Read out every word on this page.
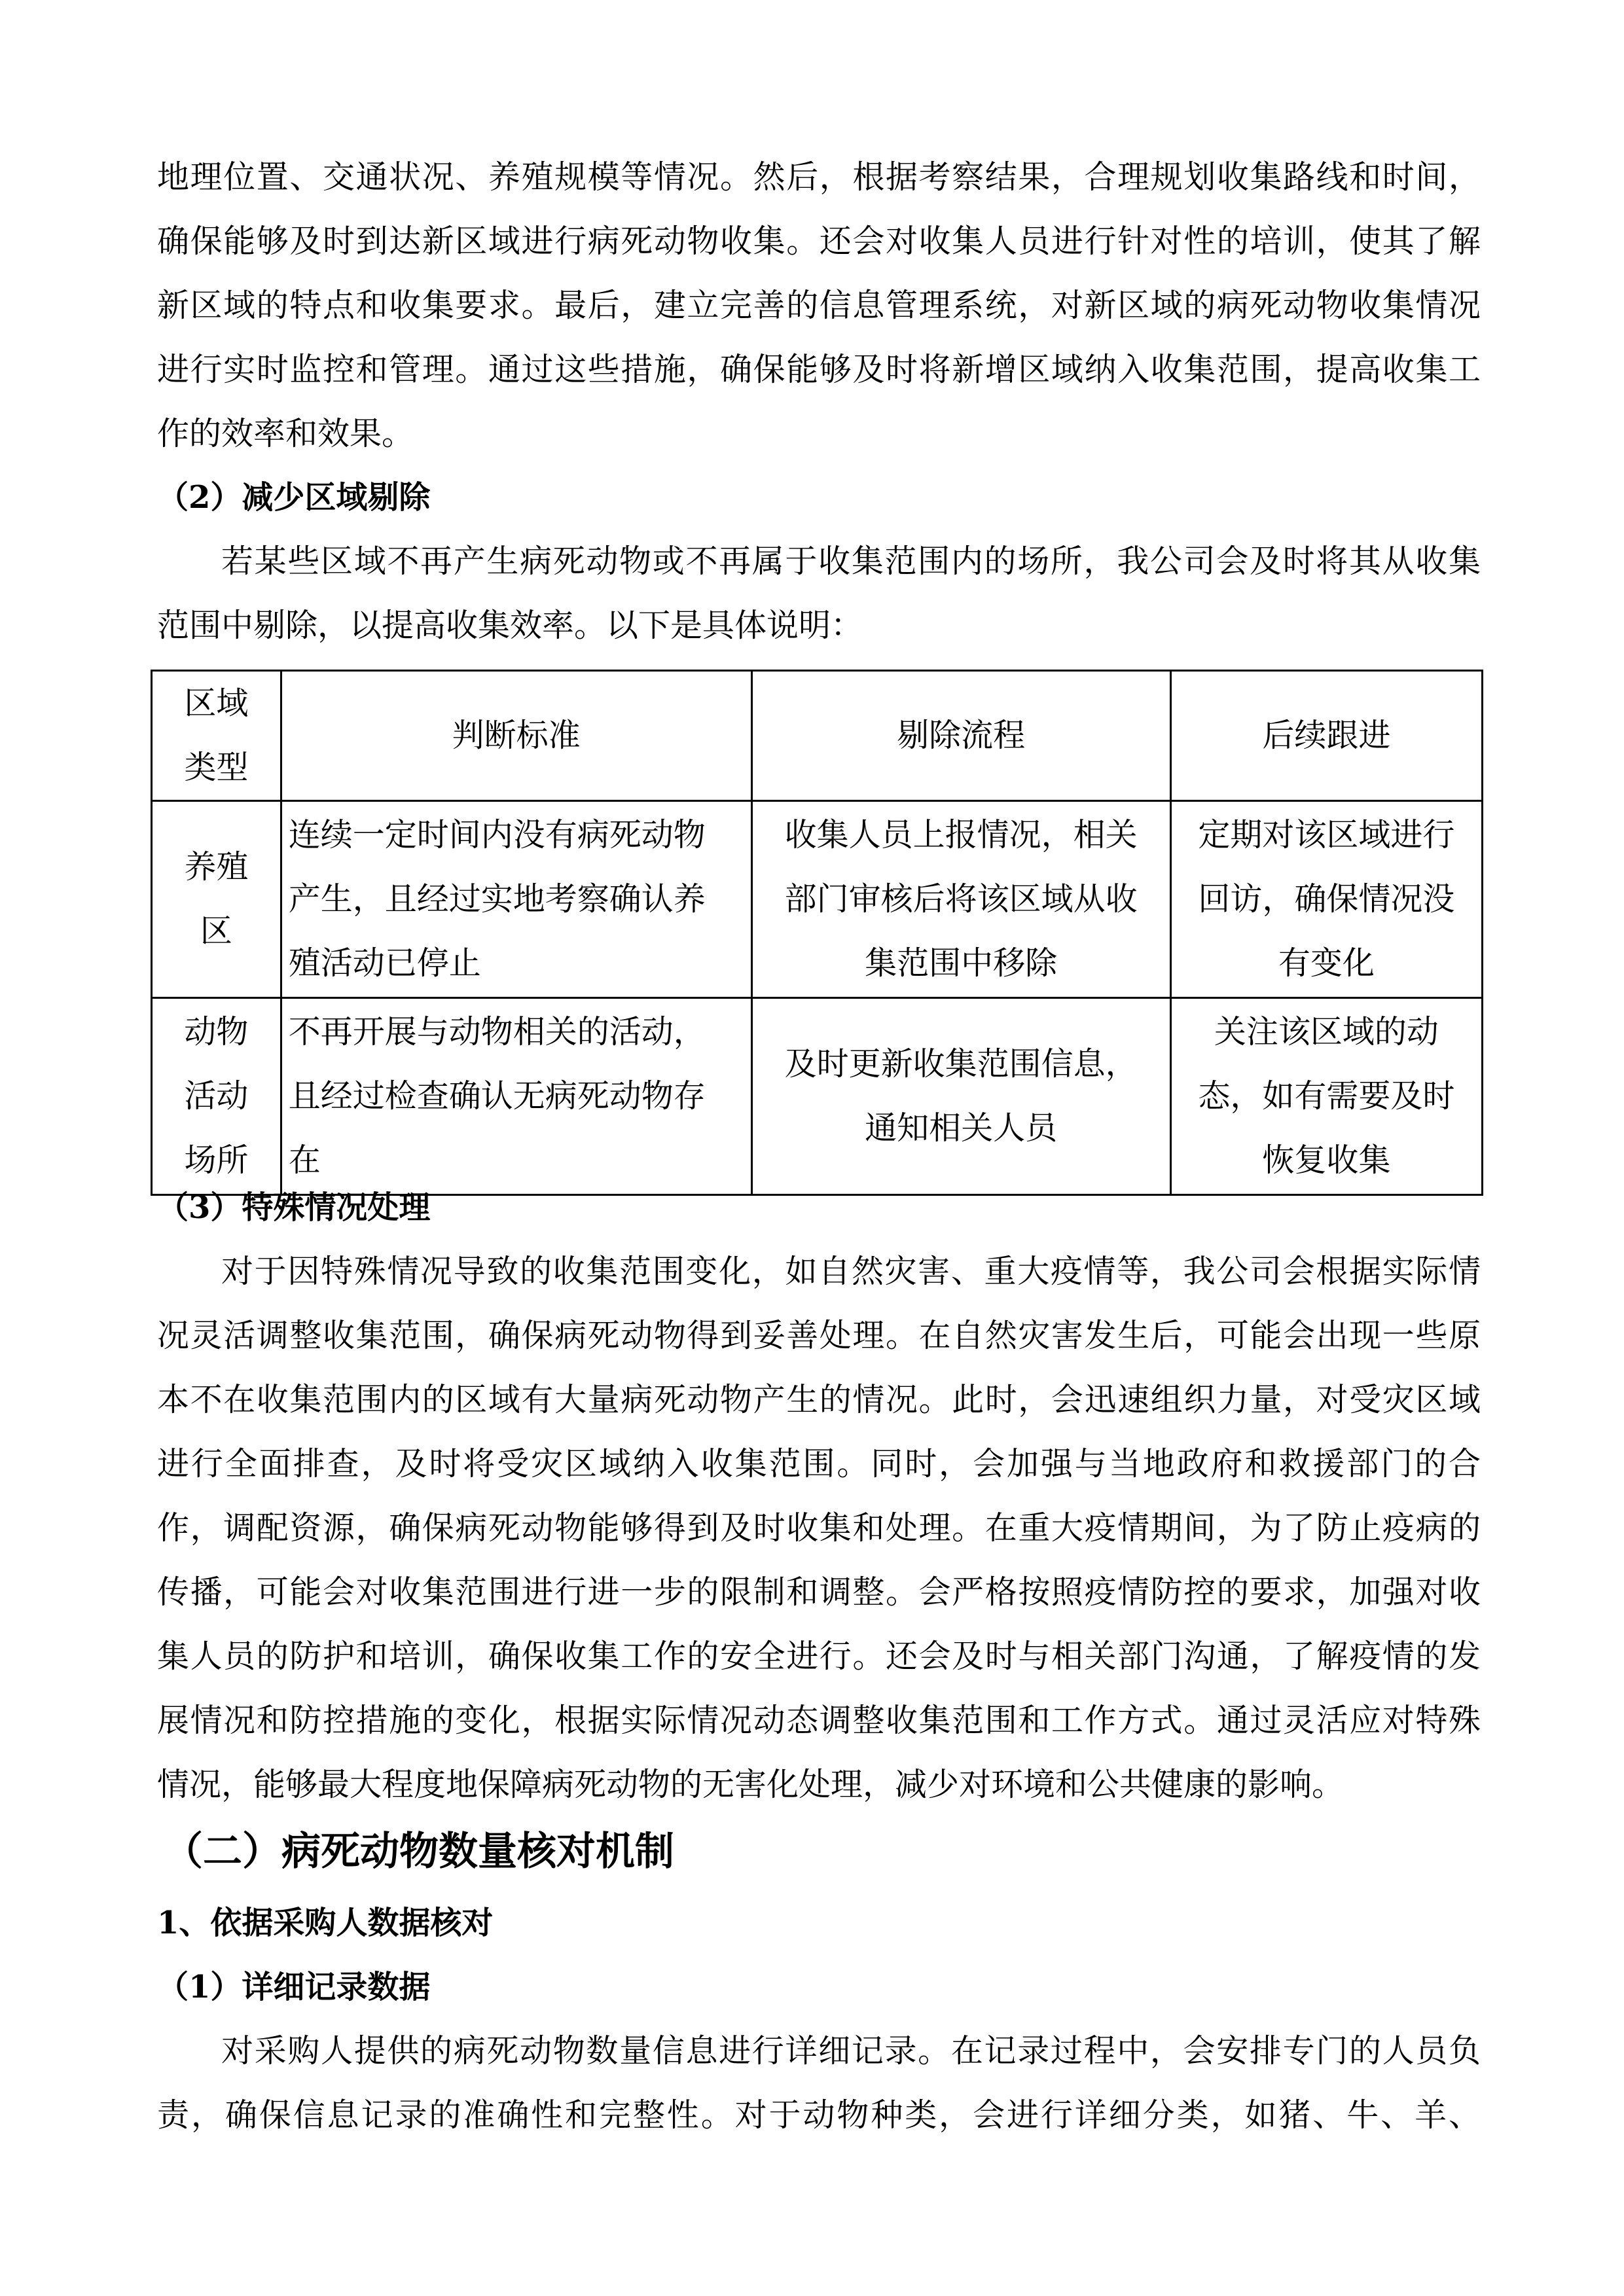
地理位置、交通状况、养殖规模等情况。然后，根据考察结果，合理规划收集路线和时间，
确保能够及时到达新区域进行病死动物收集。还会对收集人员进行针对性的培训，使其了解
新区域的特点和收集要求。最后，建立完善的信息管理系统，对新区域的病死动物收集情况
进行实时监控和管理。通过这些措施，确保能够及时将新增区域纳入收集范围，提高收集工
作的效率和效果。

（2）减少区域剔除

若某些区域不再产生病死动物或不再属于收集范围内的场所，我公司会及时将其从收集
范围中剔除，以提高收集效率。以下是具体说明：
区域
类型	判断标准	剔除流程	后续跟进

养殖
区	连续一定时间内没有病死动物
产生，且经过实地考察确认养
殖活动已停止	收集人员上报情况，相关
部门审核后将该区域从收
集范围中移除	定期对该区域进行
回访，确保情况没
有变化

动物
活动
场所	不再开展与动物相关的活动，
且经过检查确认无病死动物存
在	及时更新收集范围信息，
通知相关人员	关注该区域的动
态，如有需要及时
恢复收集

（3）特殊情况处理

对于因特殊情况导致的收集范围变化，如自然灾害、重大疫情等，我公司会根据实际情
况灵活调整收集范围，确保病死动物得到妥善处理。在自然灾害发生后，可能会出现一些原
本不在收集范围内的区域有大量病死动物产生的情况。此时，会迅速组织力量，对受灾区域
进行全面排查，及时将受灾区域纳入收集范围。同时，会加强与当地政府和救援部门的合
作，调配资源，确保病死动物能够得到及时收集和处理。在重大疫情期间，为了防止疫病的
传播，可能会对收集范围进行进一步的限制和调整。会严格按照疫情防控的要求，加强对收
集人员的防护和培训，确保收集工作的安全进行。还会及时与相关部门沟通，了解疫情的发
展情况和防控措施的变化，根据实际情况动态调整收集范围和工作方式。通过灵活应对特殊
情况，能够最大程度地保障病死动物的无害化处理，减少对环境和公共健康的影响。

（二）病死动物数量核对机制

1、依据采购人数据核对

（1）详细记录数据

对采购人提供的病死动物数量信息进行详细记录。在记录过程中，会安排专门的人员负
责，确保信息记录的准确性和完整性。对于动物种类，会进行详细分类，如猪、牛、羊、
